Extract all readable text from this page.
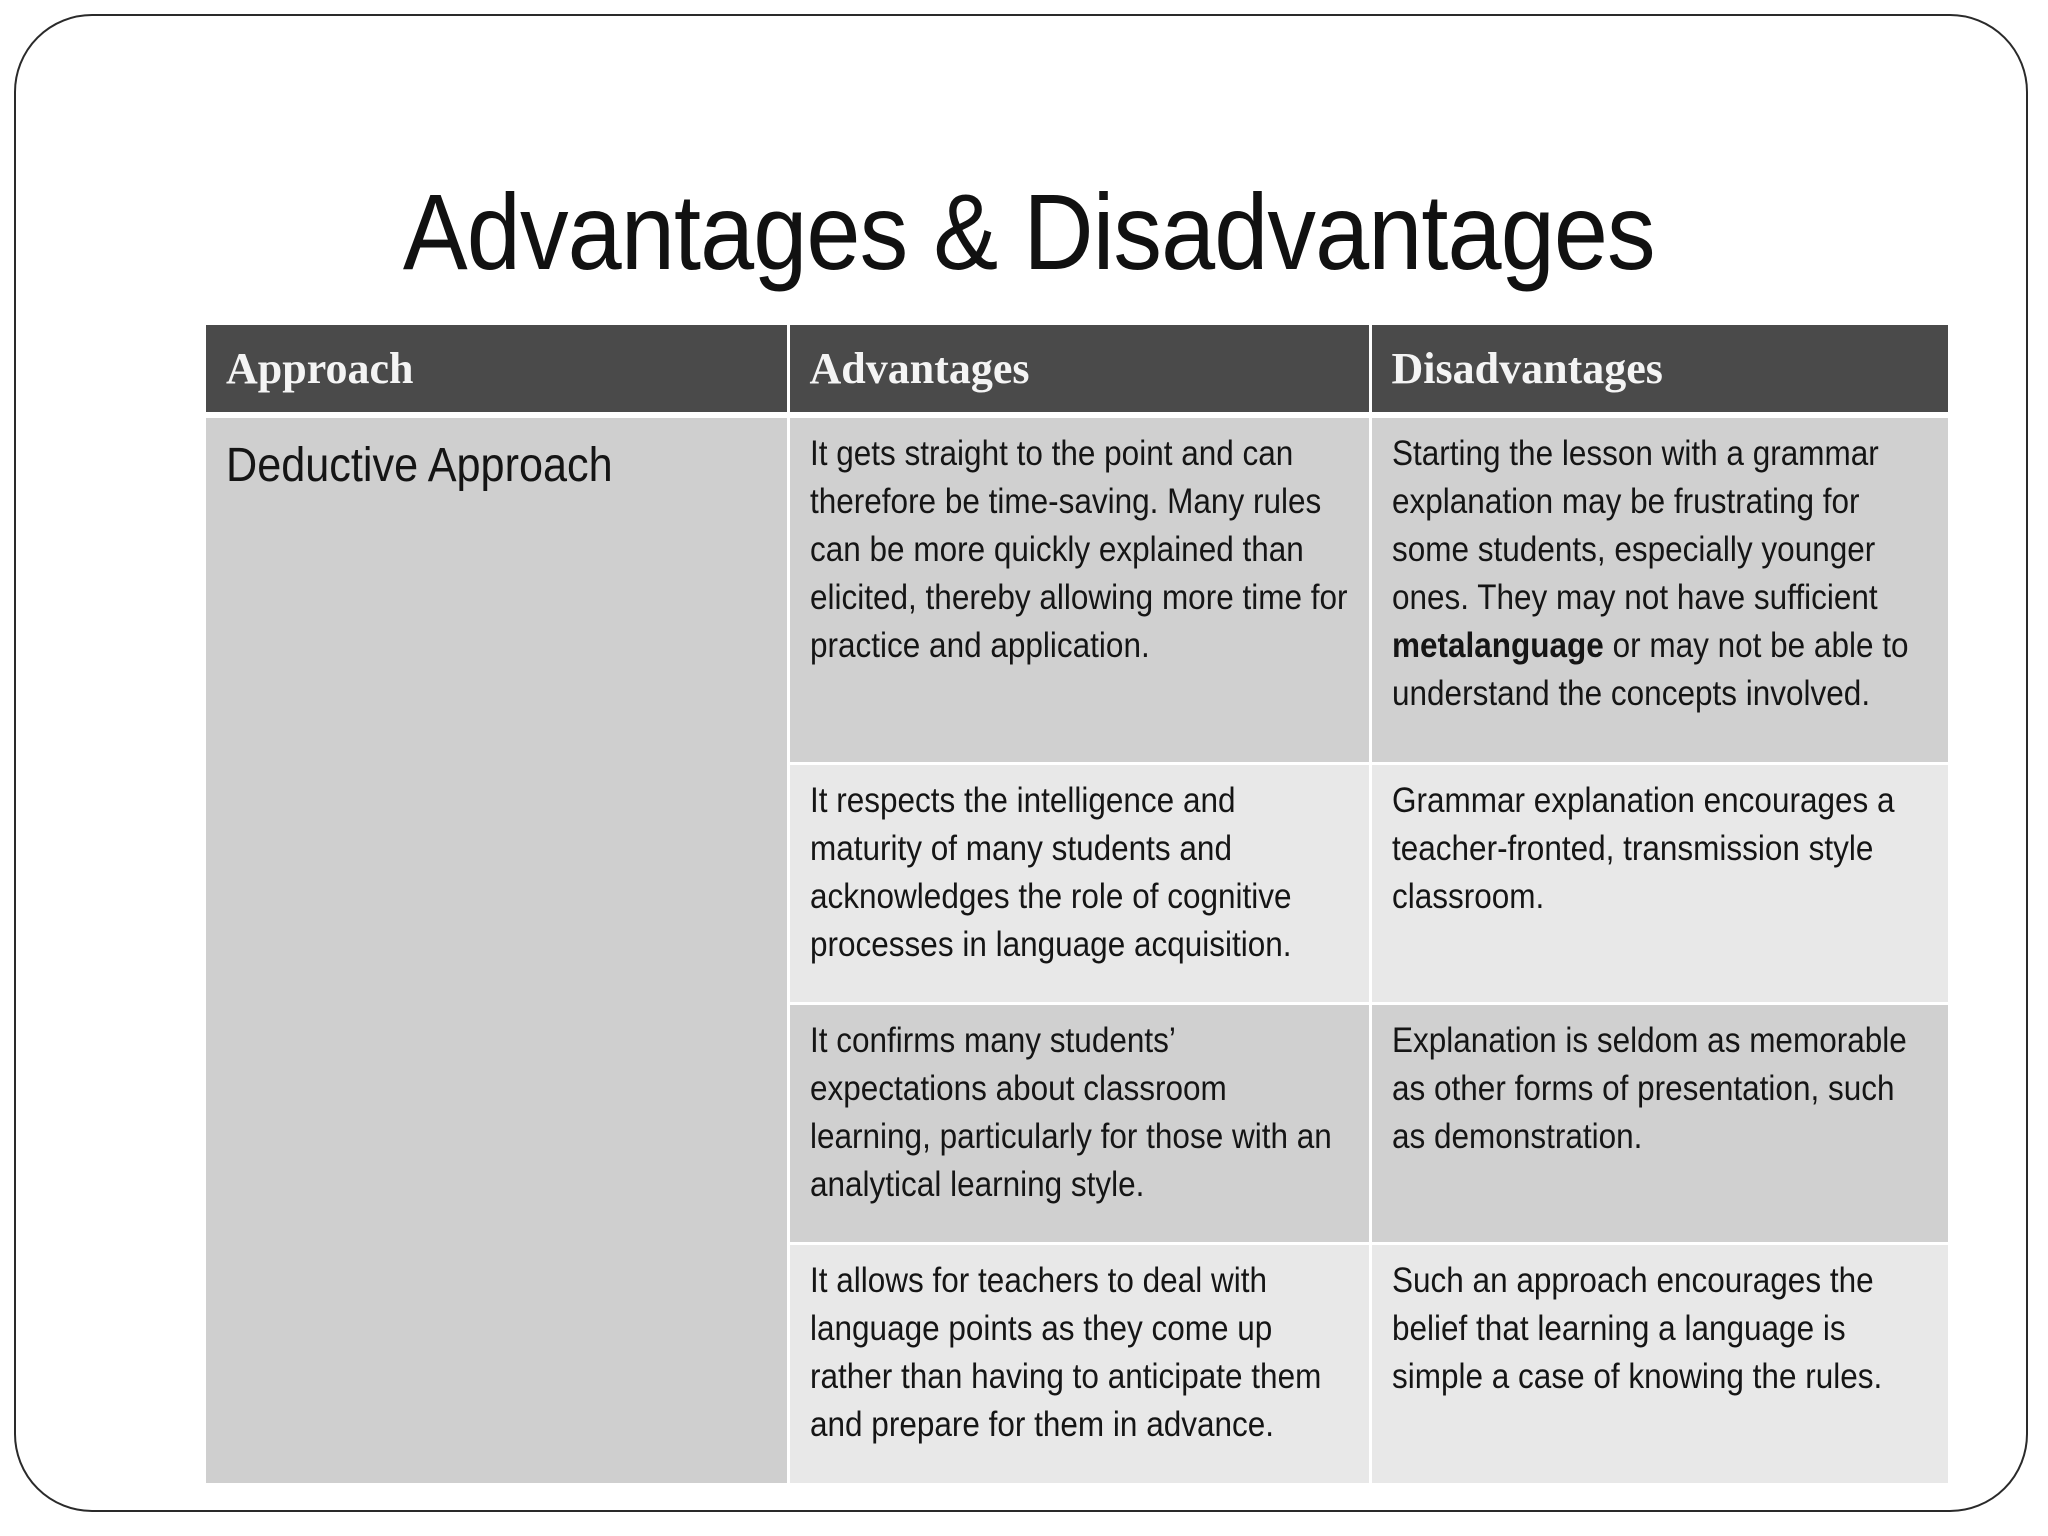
Advantages & Disadvantages
Approach	Advantages	Disadvantages

Deductive Approach	It gets straight to the point and can therefore be time-saving. Many rules can be more quickly explained than elicited, thereby allowing more time for practice and application.	Starting the lesson with a grammar explanation may be frustrating for some students, especially younger ones. They may not have sufficient metalanguage or may not be able to understand the concepts involved.

	It respects the intelligence and maturity of many students and acknowledges the role of cognitive processes in language acquisition.	Grammar explanation encourages a teacher-fronted, transmission style classroom.

	It confirms many students’ expectations about classroom learning, particularly for those with an analytical learning style.	Explanation is seldom as memorable as other forms of presentation, such as demonstration.

	It allows for teachers to deal with language points as they come up rather than having to anticipate them and prepare for them in advance.	Such an approach encourages the belief that learning a language is simple a case of knowing the rules.
